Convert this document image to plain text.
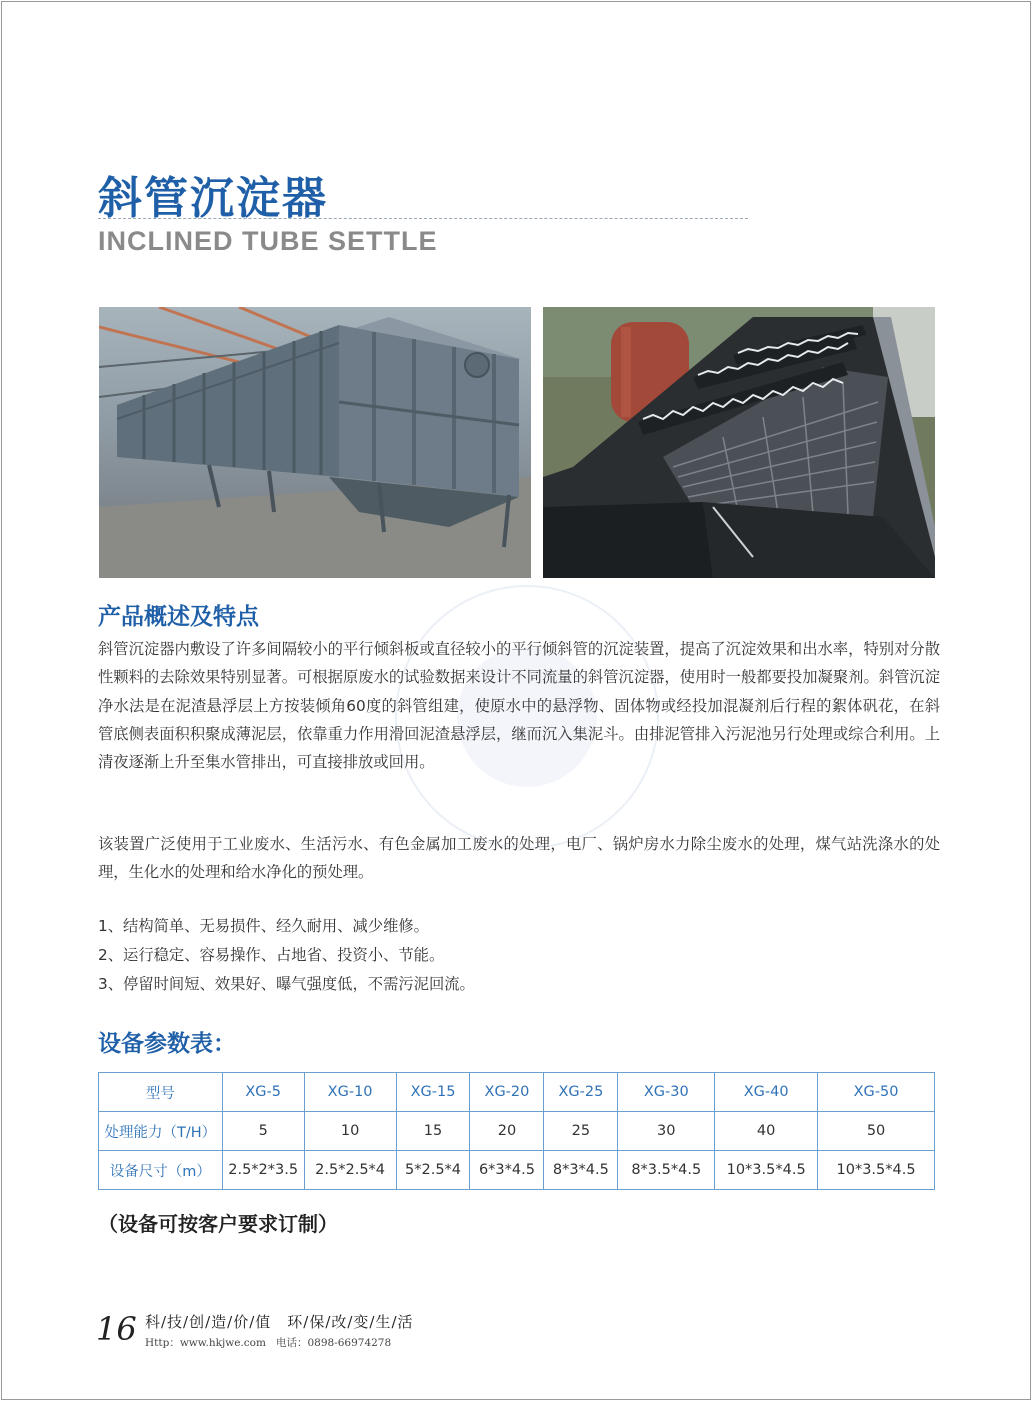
斜管沉淀器
INCLINED TUBE SETTLE
产品概述及特点
斜管沉淀器内敷设了许多间隔较小的平行倾斜板或直径较小的平行倾斜管的沉淀装置，提高了沉淀效果和出水率，特别对分散性颗料的去除效果特别显著。可根据原废水的试验数据来设计不同流量的斜管沉淀器，使用时一般都要投加凝聚剂。斜管沉淀净水法是在泥渣悬浮层上方按装倾角60度的斜管组建，使原水中的悬浮物、固体物或经投加混凝剂后行程的絮体矾花，在斜管底侧表面积积聚成薄泥层，依靠重力作用滑回泥渣悬浮层，继而沉入集泥斗。由排泥管排入污泥池另行处理或综合利用。上清夜逐渐上升至集水管排出，可直接排放或回用。
该装置广泛使用于工业废水、生活污水、有色金属加工废水的处理，电厂、锅炉房水力除尘废水的处理，煤气站洗涤水的处理，生化水的处理和给水净化的预处理。
1、结构简单、无易损件、经久耐用、减少维修。
2、运行稳定、容易操作、占地省、投资小、节能。
3、停留时间短、效果好、曝气强度低，不需污泥回流。
设备参数表：
型号	XG-5	XG-10	XG-15	XG-20	XG-25	XG-30	XG-40	XG-50
处理能力（T/H）	5	10	15	20	25	30	40	50
设备尺寸（m）	2.5*2*3.5	2.5*2.5*4	5*2.5*4	6*3*4.5	8*3*4.5	8*3.5*4.5	10*3.5*4.5	10*3.5*4.5
（设备可按客户要求订制）
16 科/技/创/造/价/值　环/保/改/变/生/活
Http：www.hkjwe.com 电话：0898-66974278
